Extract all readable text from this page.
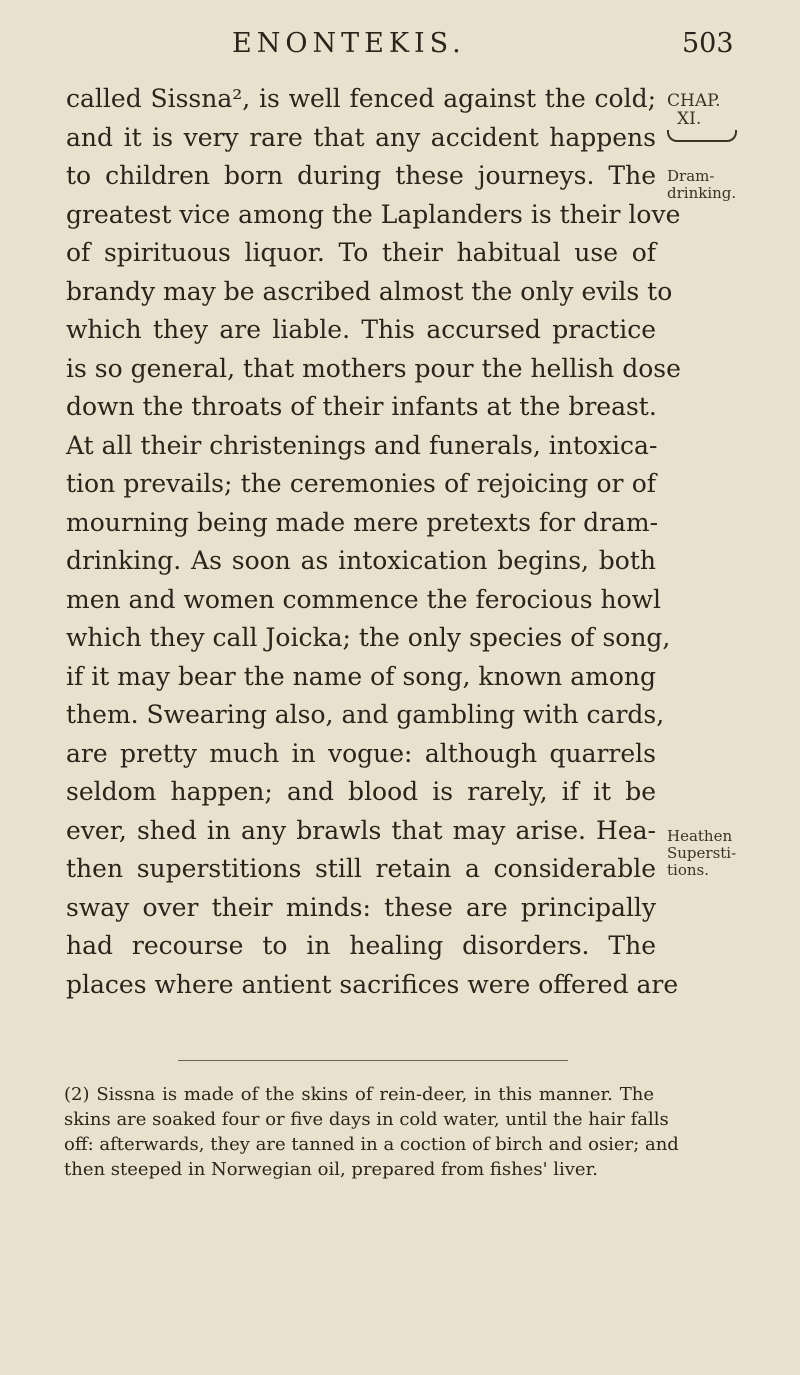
ENONTEKIS.	503
CHAP.
XI.
Dram-
drinking.
Heathen
Supersti-
tions.
called Sissna², is well fenced against the cold;
and it is very rare that any accident happens
to children born during these journeys. The
greatest vice among the Laplanders is their love
of spirituous liquor. To their habitual use of
brandy may be ascribed almost the only evils to
which they are liable. This accursed practice
is so general, that mothers pour the hellish dose
down the throats of their infants at the breast.
At all their christenings and funerals, intoxica-
tion prevails; the ceremonies of rejoicing or of
mourning being made mere pretexts for dram-
drinking. As soon as intoxication begins, both
men and women commence the ferocious howl
which they call Joicka; the only species of song,
if it may bear the name of song, known among
them. Swearing also, and gambling with cards,
are pretty much in vogue: although quarrels
seldom happen; and blood is rarely, if it be
ever, shed in any brawls that may arise. Hea-
then superstitions still retain a considerable
sway over their minds: these are principally
had recourse to in healing disorders. The
places where antient sacrifices were offered are
(2) Sissna is made of the skins of rein-deer, in this manner. The
skins are soaked four or five days in cold water, until the hair falls
off: afterwards, they are tanned in a coction of birch and osier; and
then steeped in Norwegian oil, prepared from fishes' liver.
